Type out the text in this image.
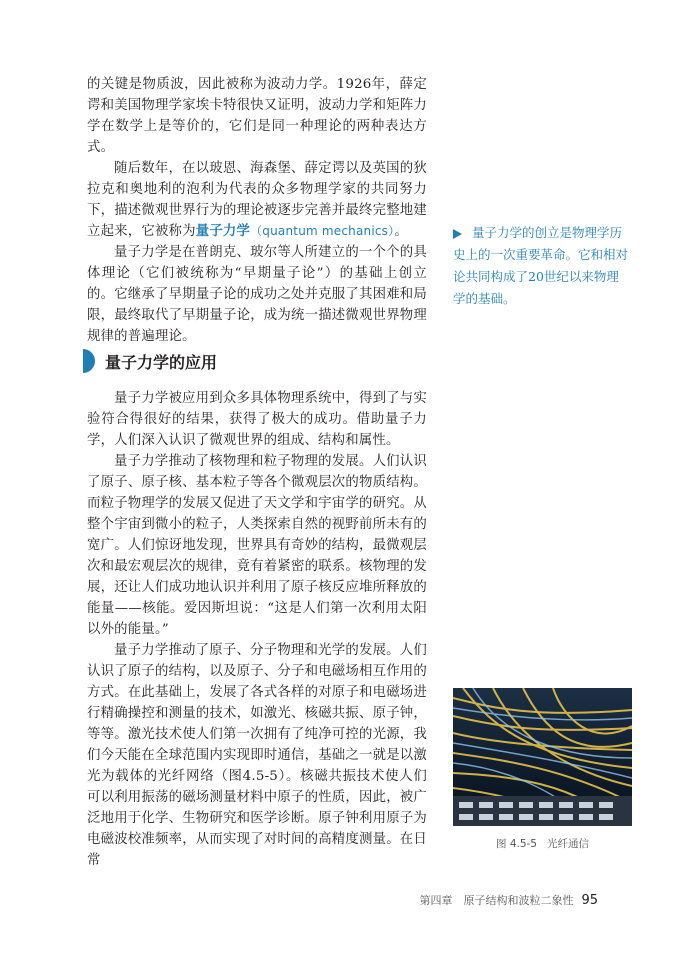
的关键是物质波，因此被称为波动力学。1926年，薛定谔和美国物理学家埃卡特很快又证明，波动力学和矩阵力学在数学上是等价的，它们是同一种理论的两种表达方式。

随后数年，在以玻恩、海森堡、薛定谔以及英国的狄拉克和奥地利的泡利为代表的众多物理学家的共同努力下，描述微观世界行为的理论被逐步完善并最终完整地建立起来，它被称为量子力学（quantum mechanics）。

量子力学是在普朗克、玻尔等人所建立的一个个的具体理论（它们被统称为“早期量子论”）的基础上创立的。它继承了早期量子论的成功之处并克服了其困难和局限，最终取代了早期量子论，成为统一描述微观世界物理规律的普遍理论。

量子力学的创立是物理学历史上的一次重要革命。它和相对论共同构成了20世纪以来物理学的基础。
量子力学的应用

量子力学被应用到众多具体物理系统中，得到了与实验符合得很好的结果，获得了极大的成功。借助量子力学，人们深入认识了微观世界的组成、结构和属性。

量子力学推动了核物理和粒子物理的发展。人们认识了原子、原子核、基本粒子等各个微观层次的物质结构。而粒子物理学的发展又促进了天文学和宇宙学的研究。从整个宇宙到微小的粒子，人类探索自然的视野前所未有的宽广。人们惊讶地发现，世界具有奇妙的结构，最微观层次和最宏观层次的规律，竟有着紧密的联系。核物理的发展，还让人们成功地认识并利用了原子核反应堆所释放的能量——核能。爱因斯坦说：“这是人们第一次利用太阳以外的能量。”

量子力学推动了原子、分子物理和光学的发展。人们认识了原子的结构，以及原子、分子和电磁场相互作用的方式。在此基础上，发展了各式各样的对原子和电磁场进行精确操控和测量的技术，如激光、核磁共振、原子钟，等等。激光技术使人们第一次拥有了纯净可控的光源，我们今天能在全球范围内实现即时通信，基础之一就是以激光为载体的光纤网络（图4.5-5）。核磁共振技术使人们可以利用振荡的磁场测量材料中原子的性质，因此，被广泛地用于化学、生物研究和医学诊断。原子钟利用原子为电磁波校准频率，从而实现了对时间的高精度测量。在日常

图 4.5-5 光纤通信
第四章　原子结构和波粒二象性 95
